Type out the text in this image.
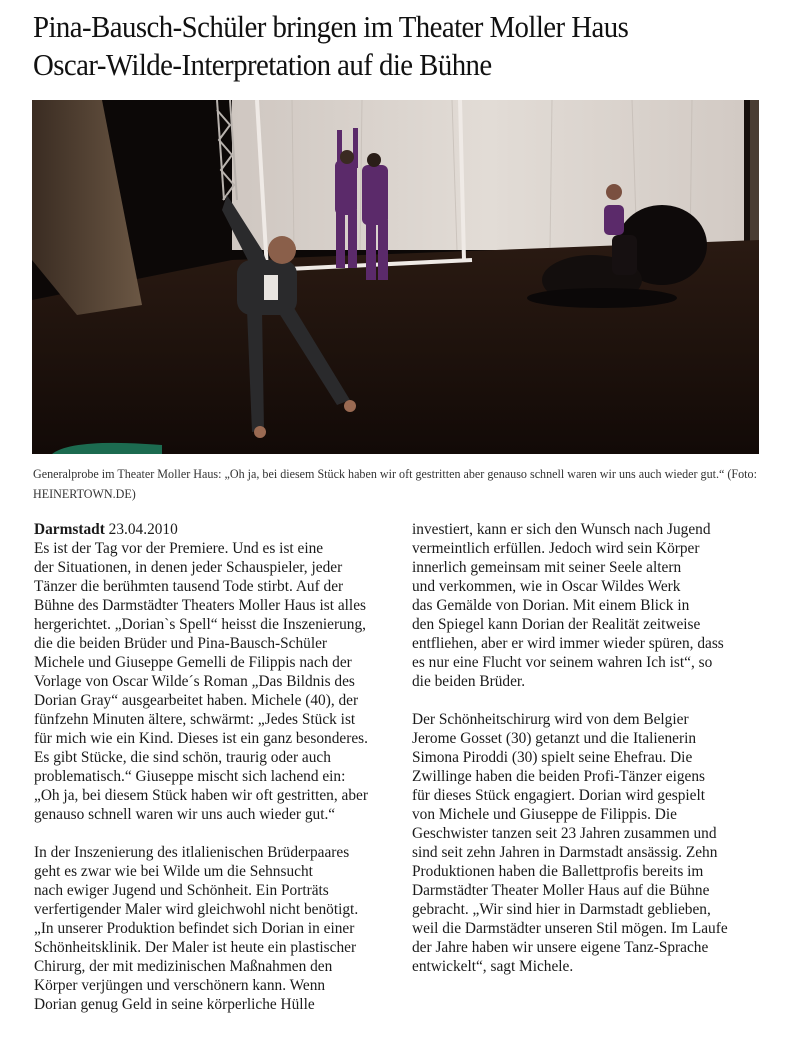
Pina-Bausch-Schüler bringen im Theater Moller Haus
Oscar-Wilde-Interpretation auf die Bühne

Generalprobe im Theater Moller Haus: „Oh ja, bei diesem Stück haben wir oft gestritten aber genauso schnell waren wir uns auch wieder gut.“ (Foto: HEINERTOWN.DE)

Darmstadt 23.04.2010

Es ist der Tag vor der Premiere. Und es ist eine

der Situationen, in denen jeder Schauspieler, jeder

Tänzer die berühmten tausend Tode stirbt. Auf der

Bühne des Darmstädter Theaters Moller Haus ist alles

hergerichtet. „Dorian`s Spell“ heisst die Inszenierung,

die die beiden Brüder und Pina-Bausch-Schüler

Michele und Giuseppe Gemelli de Filippis nach der

Vorlage von Oscar Wilde´s Roman „Das Bildnis des

Dorian Gray“ ausgearbeitet haben. Michele (40), der

fünfzehn Minuten ältere, schwärmt: „Jedes Stück ist

für mich wie ein Kind. Dieses ist ein ganz besonderes.

Es gibt Stücke, die sind schön, traurig oder auch

problematisch.“ Giuseppe mischt sich lachend ein:

„Oh ja, bei diesem Stück haben wir oft gestritten, aber

genauso schnell waren wir uns auch wieder gut.“

In der Inszenierung des itlalienischen Brüderpaares

geht es zwar wie bei Wilde um die Sehnsucht

nach ewiger Jugend und Schönheit. Ein Porträts

verfertigender Maler wird gleichwohl nicht benötigt.

„In unserer Produktion befindet sich Dorian in einer

Schönheitsklinik. Der Maler ist heute ein plastischer

Chirurg, der mit medizinischen Maßnahmen den

Körper verjüngen und verschönern kann. Wenn

Dorian genug Geld in seine körperliche Hülle

investiert, kann er sich den Wunsch nach Jugend

vermeintlich erfüllen. Jedoch wird sein Körper

innerlich gemeinsam mit seiner Seele altern

und verkommen, wie in Oscar Wildes Werk

das Gemälde von Dorian. Mit einem Blick in

den Spiegel kann Dorian der Realität zeitweise

entfliehen, aber er wird immer wieder spüren, dass

es nur eine Flucht vor seinem wahren Ich ist“, so

die beiden Brüder.

Der Schönheitschirurg wird von dem Belgier

Jerome Gosset (30) getanzt und die Italienerin

Simona Piroddi (30) spielt seine Ehefrau. Die

Zwillinge haben die beiden Profi-Tänzer eigens

für dieses Stück engagiert. Dorian wird gespielt

von Michele und Giuseppe de Filippis. Die

Geschwister tanzen seit 23 Jahren zusammen und

sind seit zehn Jahren in Darmstadt ansässig. Zehn

Produktionen haben die Ballettprofis bereits im

Darmstädter Theater Moller Haus auf die Bühne

gebracht. „Wir sind hier in Darmstadt geblieben,

weil die Darmstädter unseren Stil mögen. Im Laufe

der Jahre haben wir unsere eigene Tanz-Sprache

entwickelt“, sagt Michele.
